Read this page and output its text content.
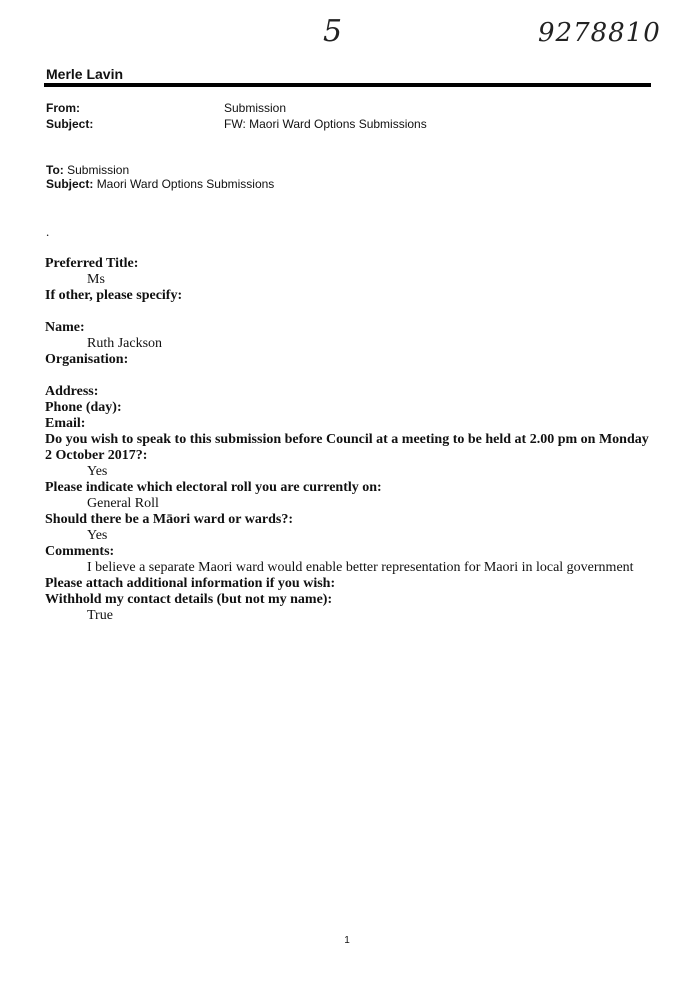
5	9278810
Merle Lavin
From:	Submission
Subject:	FW: Maori Ward Options Submissions
To: Submission
Subject: Maori Ward Options Submissions
.
Preferred Title:
Ms
If other, please specify:
Name:
Ruth Jackson
Organisation:
Address:
Phone (day):
Email:
Do you wish to speak to this submission before Council at a meeting to be held at 2.00 pm on Monday 2 October 2017?:
Yes
Please indicate which electoral roll you are currently on:
General Roll
Should there be a Māori ward or wards?:
Yes
Comments:
I believe a separate Maori ward would enable better representation for Maori in local government
Please attach additional information if you wish:
Withhold my contact details (but not my name):
True
1
